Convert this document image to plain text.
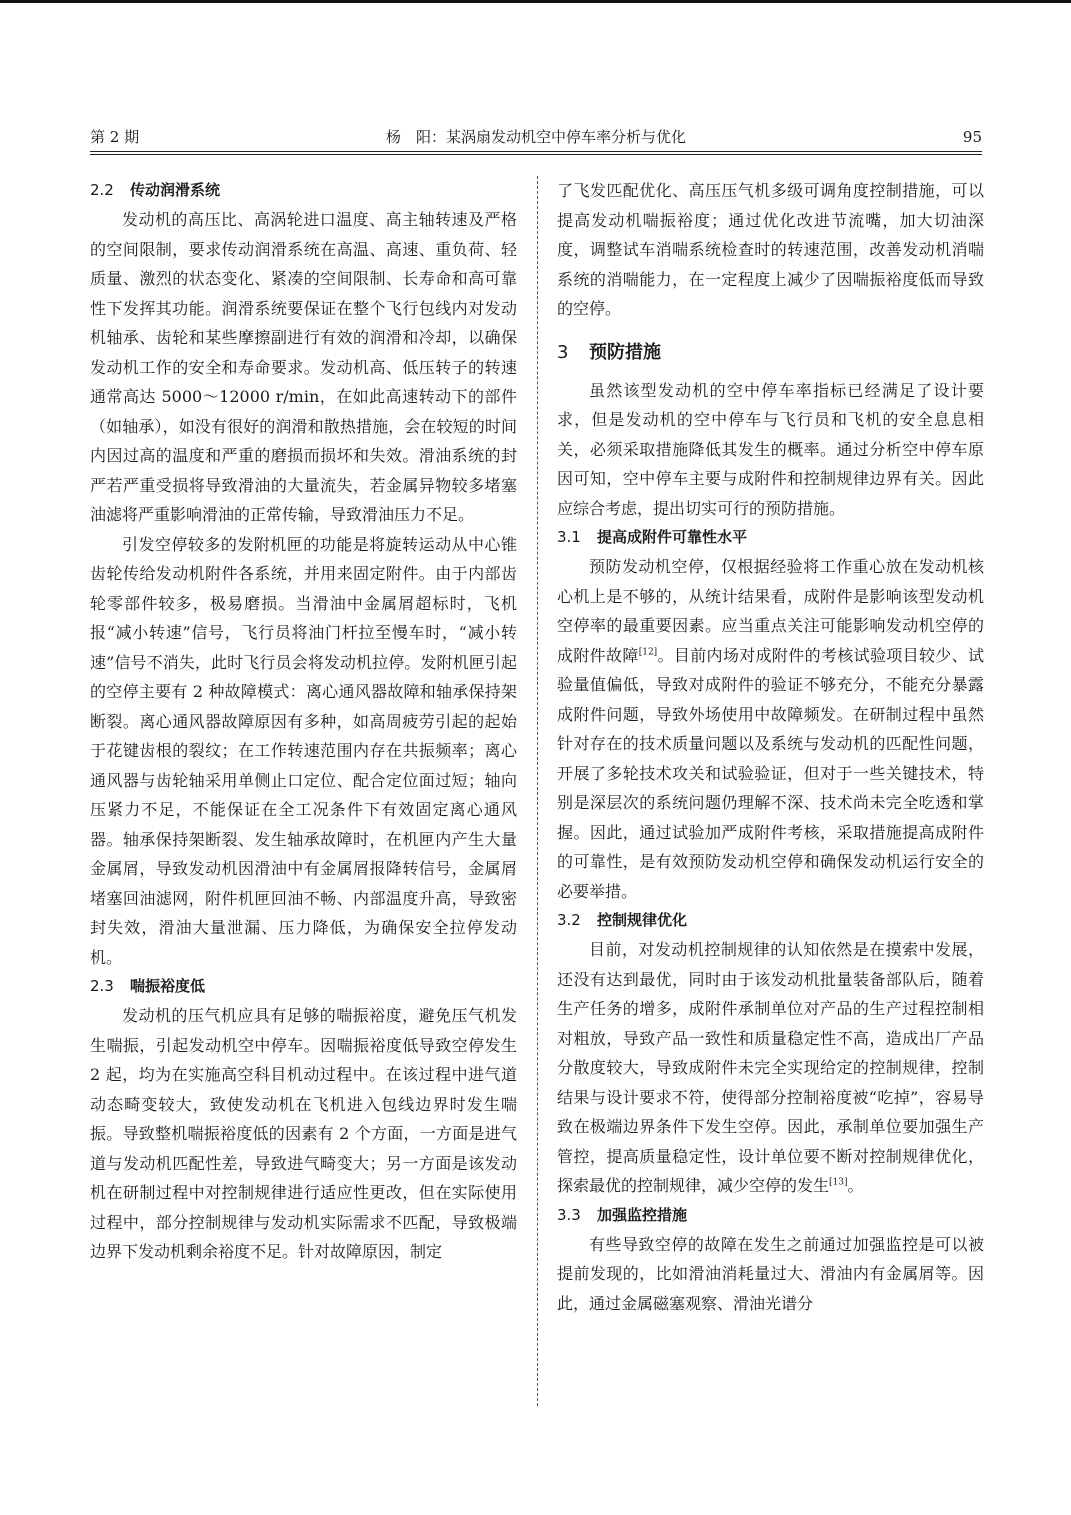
第 2 期	杨　阳：某涡扇发动机空中停车率分析与优化	95
2.2 传动润滑系统

发动机的高压比、高涡轮进口温度、高主轴转速及严格的空间限制，要求传动润滑系统在高温、高速、重负荷、轻质量、激烈的状态变化、紧凑的空间限制、长寿命和高可靠性下发挥其功能。润滑系统要保证在整个飞行包线内对发动机轴承、齿轮和某些摩擦副进行有效的润滑和冷却，以确保发动机工作的安全和寿命要求。发动机高、低压转子的转速通常高达 5000～12000 r/min，在如此高速转动下的部件（如轴承），如没有很好的润滑和散热措施，会在较短的时间内因过高的温度和严重的磨损而损坏和失效。滑油系统的封严若严重受损将导致滑油的大量流失，若金属异物较多堵塞油滤将严重影响滑油的正常传输，导致滑油压力不足。

引发空停较多的发附机匣的功能是将旋转运动从中心锥齿轮传给发动机附件各系统，并用来固定附件。由于内部齿轮零部件较多，极易磨损。当滑油中金属屑超标时，飞机报“减小转速”信号，飞行员将油门杆拉至慢车时，“减小转速”信号不消失，此时飞行员会将发动机拉停。发附机匣引起的空停主要有 2 种故障模式：离心通风器故障和轴承保持架断裂。离心通风器故障原因有多种，如高周疲劳引起的起始于花键齿根的裂纹；在工作转速范围内存在共振频率；离心通风器与齿轮轴采用单侧止口定位、配合定位面过短；轴向压紧力不足，不能保证在全工况条件下有效固定离心通风器。轴承保持架断裂、发生轴承故障时，在机匣内产生大量金属屑，导致发动机因滑油中有金属屑报降转信号，金属屑堵塞回油滤网，附件机匣回油不畅、内部温度升高，导致密封失效，滑油大量泄漏、压力降低，为确保安全拉停发动机。

2.3 喘振裕度低

发动机的压气机应具有足够的喘振裕度，避免压气机发生喘振，引起发动机空中停车。因喘振裕度低导致空停发生 2 起，均为在实施高空科目机动过程中。在该过程中进气道动态畸变较大，致使发动机在飞机进入包线边界时发生喘振。导致整机喘振裕度低的因素有 2 个方面，一方面是进气道与发动机匹配性差，导致进气畸变大；另一方面是该发动机在研制过程中对控制规律进行适应性更改，但在实际使用过程中，部分控制规律与发动机实际需求不匹配，导致极端边界下发动机剩余裕度不足。针对故障原因，制定

了飞发匹配优化、高压压气机多级可调角度控制措施，可以提高发动机喘振裕度；通过优化改进节流嘴，加大切油深度，调整试车消喘系统检查时的转速范围，改善发动机消喘系统的消喘能力，在一定程度上减少了因喘振裕度低而导致的空停。

3 预防措施

虽然该型发动机的空中停车率指标已经满足了设计要求，但是发动机的空中停车与飞行员和飞机的安全息息相关，必须采取措施降低其发生的概率。通过分析空中停车原因可知，空中停车主要与成附件和控制规律边界有关。因此应综合考虑，提出切实可行的预防措施。

3.1 提高成附件可靠性水平

预防发动机空停，仅根据经验将工作重心放在发动机核心机上是不够的，从统计结果看，成附件是影响该型发动机空停率的最重要因素。应当重点关注可能影响发动机空停的成附件故障[12]。目前内场对成附件的考核试验项目较少、试验量值偏低，导致对成附件的验证不够充分，不能充分暴露成附件问题，导致外场使用中故障频发。在研制过程中虽然针对存在的技术质量问题以及系统与发动机的匹配性问题，开展了多轮技术攻关和试验验证，但对于一些关键技术，特别是深层次的系统问题仍理解不深、技术尚未完全吃透和掌握。因此，通过试验加严成附件考核，采取措施提高成附件的可靠性，是有效预防发动机空停和确保发动机运行安全的必要举措。

3.2 控制规律优化

目前，对发动机控制规律的认知依然是在摸索中发展，还没有达到最优，同时由于该发动机批量装备部队后，随着生产任务的增多，成附件承制单位对产品的生产过程控制相对粗放，导致产品一致性和质量稳定性不高，造成出厂产品分散度较大，导致成附件未完全实现给定的控制规律，控制结果与设计要求不符，使得部分控制裕度被“吃掉”，容易导致在极端边界条件下发生空停。因此，承制单位要加强生产管控，提高质量稳定性，设计单位要不断对控制规律优化，探索最优的控制规律，减少空停的发生[13]。

3.3 加强监控措施

有些导致空停的故障在发生之前通过加强监控是可以被提前发现的，比如滑油消耗量过大、滑油内有金属屑等。因此，通过金属磁塞观察、滑油光谱分
